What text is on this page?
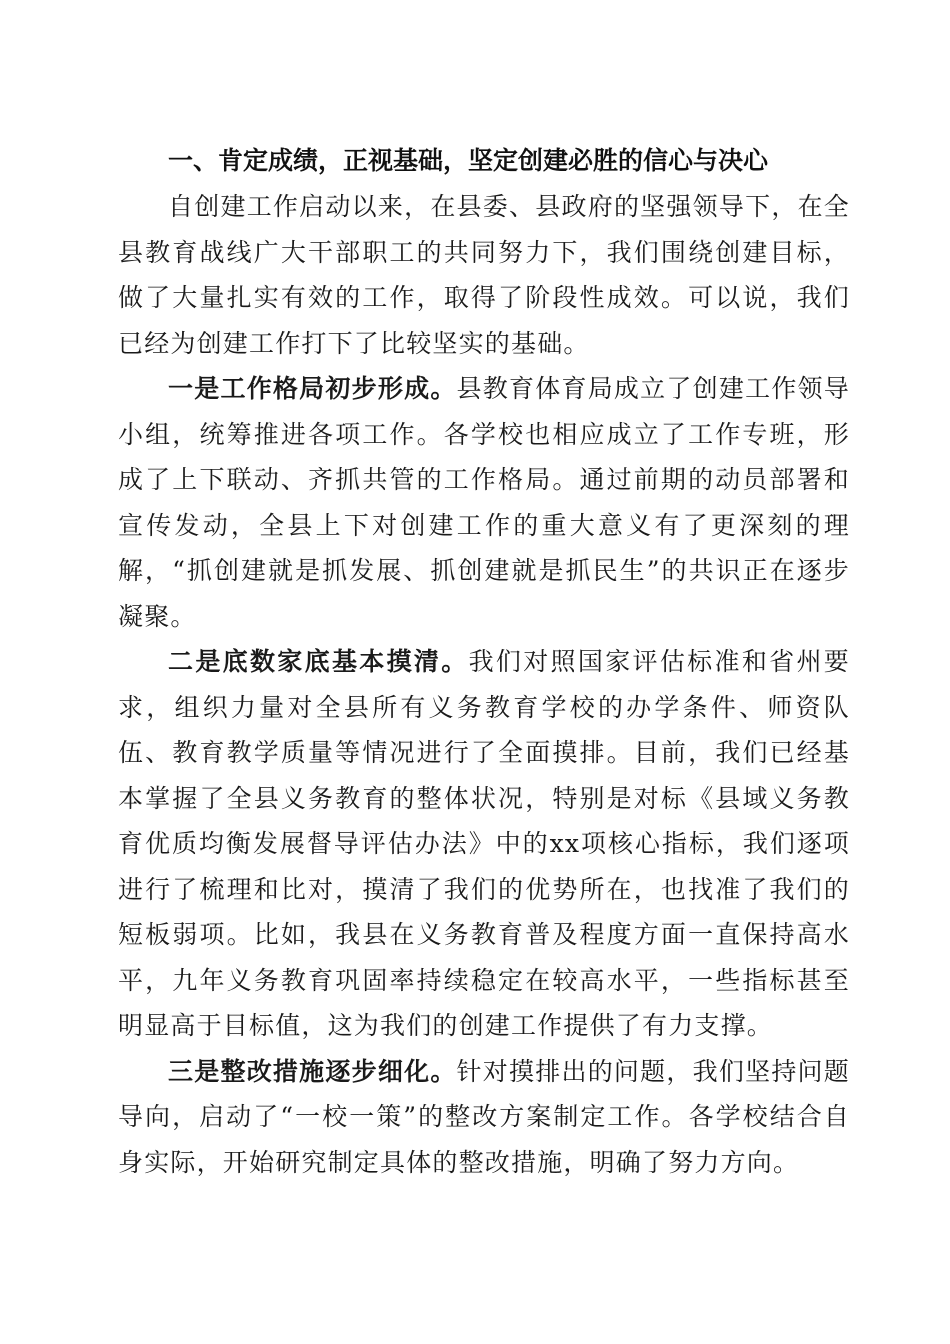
一、肯定成绩，正视基础，坚定创建必胜的信心与决心

自创建工作启动以来，在县委、县政府的坚强领导下，在全县教育战线广大干部职工的共同努力下，我们围绕创建目标，做了大量扎实有效的工作，取得了阶段性成效。可以说，我们已经为创建工作打下了比较坚实的基础。

一是工作格局初步形成。县教育体育局成立了创建工作领导小组，统筹推进各项工作。各学校也相应成立了工作专班，形成了上下联动、齐抓共管的工作格局。通过前期的动员部署和宣传发动，全县上下对创建工作的重大意义有了更深刻的理解，“抓创建就是抓发展、抓创建就是抓民生”的共识正在逐步凝聚。

二是底数家底基本摸清。我们对照国家评估标准和省州要求，组织力量对全县所有义务教育学校的办学条件、师资队伍、教育教学质量等情况进行了全面摸排。目前，我们已经基本掌握了全县义务教育的整体状况，特别是对标《县域义务教育优质均衡发展督导评估办法》中的xx项核心指标，我们逐项进行了梳理和比对，摸清了我们的优势所在，也找准了我们的短板弱项。比如，我县在义务教育普及程度方面一直保持高水平，九年义务教育巩固率持续稳定在较高水平，一些指标甚至明显高于目标值，这为我们的创建工作提供了有力支撑。

三是整改措施逐步细化。针对摸排出的问题，我们坚持问题导向，启动了“一校一策”的整改方案制定工作。各学校结合自身实际，开始研究制定具体的整改措施，明确了努力方向。
